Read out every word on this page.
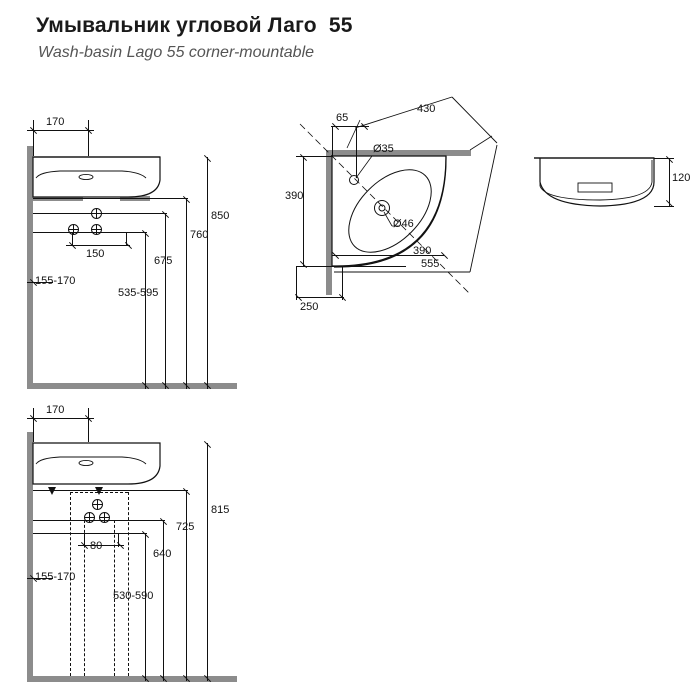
Умывальник угловой Лаго  55
Wash-basin Lago 55 corner-mountable
170
850
760
675
535-595
150
155-170
430
65
Ø35
Ø46
390
390
555
250
120
170
815
725
640
530-590
80
155-170
